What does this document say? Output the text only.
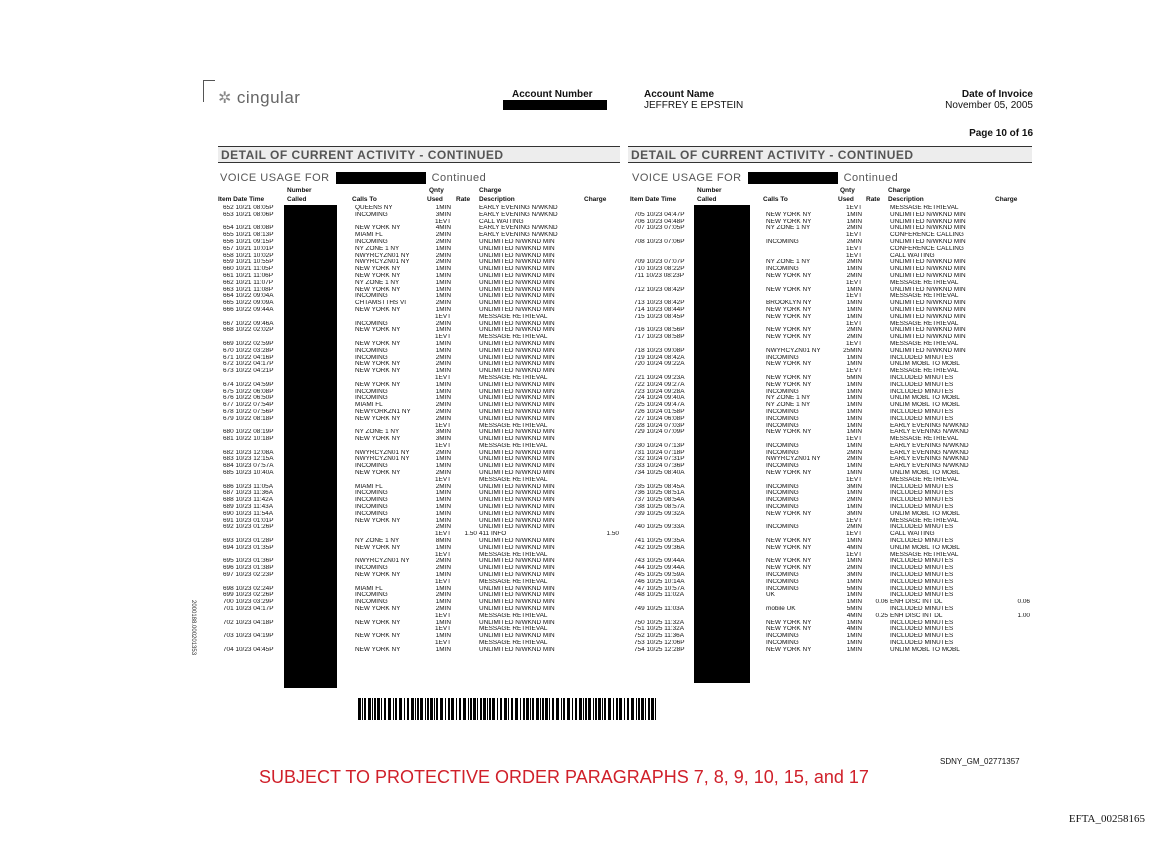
✲ cingular	Account Number	Account Name
JEFFREY E EPSTEIN
Date of Invoice
November 05, 2005
Page 10 of 16
DETAIL OF CURRENT ACTIVITY - CONTINUED
VOICE USAGE FOR	Continued
Number	Qnty	Charge
Item Date Time	Called	Calls To	Used Rate Description	Charge
652 10/21 08:05P		QUEENS NY	1MIN		EARLY EVENING N/WKND	
653 10/21 08:06P		INCOMING	3MIN		EARLY EVENING N/WKND	
			1EVT		CALL WAITING	
654 10/21 08:08P		NEW YORK NY	4MIN		EARLY EVENING N/WKND	
655 10/21 08:13P		MIAMI FL	2MIN		EARLY EVENING N/WKND	
656 10/21 09:15P		INCOMING	2MIN		UNLIMITED N/WKND MIN	
657 10/21 10:01P		NY ZONE 1 NY	1MIN		UNLIMITED N/WKND MIN	
658 10/21 10:02P		NWYRCYZN01 NY	2MIN		UNLIMITED N/WKND MIN	
659 10/21 10:55P		NWYRCYZN01 NY	2MIN		UNLIMITED N/WKND MIN	
660 10/21 11:05P		NEW YORK NY	1MIN		UNLIMITED N/WKND MIN	
661 10/21 11:06P		NEW YORK NY	1MIN		UNLIMITED N/WKND MIN	
662 10/21 11:07P		NY ZONE 1 NY	1MIN		UNLIMITED N/WKND MIN	
663 10/21 11:08P		NEW YORK NY	1MIN		UNLIMITED N/WKND MIN	
664 10/22 09:04A		INCOMING	1MIN		UNLIMITED N/WKND MIN	
665 10/22 09:09A		CHTAMSTTHS VI	2MIN		UNLIMITED N/WKND MIN	
666 10/22 09:44A		NEW YORK NY	1MIN		UNLIMITED N/WKND MIN	
			1EVT		MESSAGE RETRIEVAL	
667 10/22 09:46A		INCOMING	2MIN		UNLIMITED N/WKND MIN	
668 10/22 02:02P		NEW YORK NY	1MIN		UNLIMITED N/WKND MIN	
			1EVT		MESSAGE RETRIEVAL	
669 10/22 02:59P		NEW YORK NY	1MIN		UNLIMITED N/WKND MIN	
670 10/22 03:28P		INCOMING	1MIN		UNLIMITED N/WKND MIN	
671 10/22 04:16P		INCOMING	2MIN		UNLIMITED N/WKND MIN	
672 10/22 04:17P		NEW YORK NY	2MIN		UNLIMITED N/WKND MIN	
673 10/22 04:21P		NEW YORK NY	1MIN		UNLIMITED N/WKND MIN	
			1EVT		MESSAGE RETRIEVAL	
674 10/22 04:59P		NEW YORK NY	1MIN		UNLIMITED N/WKND MIN	
675 10/22 06:08P		INCOMING	1MIN		UNLIMITED N/WKND MIN	
676 10/22 06:50P		INCOMING	1MIN		UNLIMITED N/WKND MIN	
677 10/22 07:54P		MIAMI FL	2MIN		UNLIMITED N/WKND MIN	
678 10/22 07:56P		NEWYORKZN1 NY	2MIN		UNLIMITED N/WKND MIN	
679 10/22 08:18P		NEW YORK NY	2MIN		UNLIMITED N/WKND MIN	
			1EVT		MESSAGE RETRIEVAL	
680 10/22 08:19P		NY ZONE 1 NY	3MIN		UNLIMITED N/WKND MIN	
681 10/22 10:18P		NEW YORK NY	3MIN		UNLIMITED N/WKND MIN	
			1EVT		MESSAGE RETRIEVAL	
682 10/23 12:08A		NWYRCYZN01 NY	2MIN		UNLIMITED N/WKND MIN	
683 10/23 12:15A		NWYRCYZN01 NY	1MIN		UNLIMITED N/WKND MIN	
684 10/23 07:57A		INCOMING	1MIN		UNLIMITED N/WKND MIN	
685 10/23 10:40A		NEW YORK NY	2MIN		UNLIMITED N/WKND MIN	
			1EVT		MESSAGE RETRIEVAL	
686 10/23 11:05A		MIAMI FL	2MIN		UNLIMITED N/WKND MIN	
687 10/23 11:36A		INCOMING	1MIN		UNLIMITED N/WKND MIN	
688 10/23 11:42A		INCOMING	1MIN		UNLIMITED N/WKND MIN	
689 10/23 11:43A		INCOMING	1MIN		UNLIMITED N/WKND MIN	
690 10/23 11:54A		INCOMING	1MIN		UNLIMITED N/WKND MIN	
691 10/23 01:01P		NEW YORK NY	1MIN		UNLIMITED N/WKND MIN	
692 10/23 01:26P			2MIN		UNLIMITED N/WKND MIN	
			1EVT	1.50	411 INFO	1.50
693 10/23 01:28P		NY ZONE 1 NY	8MIN		UNLIMITED N/WKND MIN	
694 10/23 01:35P		NEW YORK NY	1MIN		UNLIMITED N/WKND MIN	
			1EVT		MESSAGE RETRIEVAL	
695 10/23 01:36P		NWYRCYZN01 NY	2MIN		UNLIMITED N/WKND MIN	
696 10/23 01:38P		INCOMING	2MIN		UNLIMITED N/WKND MIN	
697 10/23 02:23P		NEW YORK NY	1MIN		UNLIMITED N/WKND MIN	
			1EVT		MESSAGE RETRIEVAL	
698 10/23 02:24P		MIAMI FL	1MIN		UNLIMITED N/WKND MIN	
699 10/23 02:26P		INCOMING	2MIN		UNLIMITED N/WKND MIN	
700 10/23 03:29P		INCOMING	1MIN		UNLIMITED N/WKND MIN	
701 10/23 04:17P		NEW YORK NY	2MIN		UNLIMITED N/WKND MIN	
			1EVT		MESSAGE RETRIEVAL	
702 10/23 04:18P		NEW YORK NY	1MIN		UNLIMITED N/WKND MIN	
			1EVT		MESSAGE RETRIEVAL	
703 10/23 04:19P		NEW YORK NY	1MIN		UNLIMITED N/WKND MIN	
			1EVT		MESSAGE RETRIEVAL	
704 10/23 04:45P		NEW YORK NY	1MIN		UNLIMITED N/WKND MIN	
DETAIL OF CURRENT ACTIVITY - CONTINUED
VOICE USAGE FOR	Continued
Number	Qnty	Charge
Item Date Time	Called	Calls To	Used Rate Description	Charge
			1EVT		MESSAGE RETRIEVAL	
705 10/23 04:47P		NEW YORK NY	1MIN		UNLIMITED N/WKND MIN	
706 10/23 04:48P		NEW YORK NY	1MIN		UNLIMITED N/WKND MIN	
707 10/23 07:05P		NY ZONE 1 NY	2MIN		UNLIMITED N/WKND MIN	
			1EVT		CONFERENCE CALLING	
708 10/23 07:06P		INCOMING	2MIN		UNLIMITED N/WKND MIN	
			1EVT		CONFERENCE CALLING	
			1EVT		CALL WAITING	
709 10/23 07:07P		NY ZONE 1 NY	2MIN		UNLIMITED N/WKND MIN	
710 10/23 08:22P		INCOMING	1MIN		UNLIMITED N/WKND MIN	
711 10/23 08:23P		NEW YORK NY	2MIN		UNLIMITED N/WKND MIN	
			1EVT		MESSAGE RETRIEVAL	
712 10/23 08:42P		NEW YORK NY	1MIN		UNLIMITED N/WKND MIN	
			1EVT		MESSAGE RETRIEVAL	
713 10/23 08:42P		BROOKLYN NY	1MIN		UNLIMITED N/WKND MIN	
714 10/23 08:44P		NEW YORK NY	1MIN		UNLIMITED N/WKND MIN	
715 10/23 08:45P		NEW YORK NY	1MIN		UNLIMITED N/WKND MIN	
			1EVT		MESSAGE RETRIEVAL	
716 10/23 08:56P		NEW YORK NY	2MIN		UNLIMITED N/WKND MIN	
717 10/23 08:58P		NEW YORK NY	2MIN		UNLIMITED N/WKND MIN	
			1EVT		MESSAGE RETRIEVAL	
718 10/23 09:08P		NWYRCYZN01 NY	25MIN		UNLIMITED N/WKND MIN	
719 10/24 08:42A		INCOMING	1MIN		INCLUDED MINUTES	
720 10/24 09:22A		NEW YORK NY	1MIN		UNLIM MOBL TO MOBL	
			1EVT		MESSAGE RETRIEVAL	
721 10/24 09:23A		NEW YORK NY	5MIN		INCLUDED MINUTES	
722 10/24 09:27A		NEW YORK NY	1MIN		INCLUDED MINUTES	
723 10/24 09:28A		INCOMING	1MIN		INCLUDED MINUTES	
724 10/24 09:40A		NY ZONE 1 NY	1MIN		UNLIM MOBL TO MOBL	
725 10/24 09:47A		NY ZONE 1 NY	1MIN		UNLIM MOBL TO MOBL	
726 10/24 01:58P		INCOMING	1MIN		INCLUDED MINUTES	
727 10/24 06:08P		INCOMING	1MIN		INCLUDED MINUTES	
728 10/24 07:03P		INCOMING	1MIN		EARLY EVENING N/WKND	
729 10/24 07:09P		NEW YORK NY	1MIN		EARLY EVENING N/WKND	
			1EVT		MESSAGE RETRIEVAL	
730 10/24 07:13P		INCOMING	1MIN		EARLY EVENING N/WKND	
731 10/24 07:18P		INCOMING	2MIN		EARLY EVENING N/WKND	
732 10/24 07:31P		NWYRCYZN01 NY	2MIN		EARLY EVENING N/WKND	
733 10/24 07:36P		INCOMING	1MIN		EARLY EVENING N/WKND	
734 10/25 08:40A		NEW YORK NY	1MIN		UNLIM MOBL TO MOBL	
			1EVT		MESSAGE RETRIEVAL	
735 10/25 08:45A		INCOMING	3MIN		INCLUDED MINUTES	
736 10/25 08:51A		INCOMING	1MIN		INCLUDED MINUTES	
737 10/25 08:54A		INCOMING	2MIN		INCLUDED MINUTES	
738 10/25 08:57A		INCOMING	1MIN		INCLUDED MINUTES	
739 10/25 09:32A		NEW YORK NY	3MIN		UNLIM MOBL TO MOBL	
			1EVT		MESSAGE RETRIEVAL	
740 10/25 09:33A		INCOMING	2MIN		INCLUDED MINUTES	
			1EVT		CALL WAITING	
741 10/25 09:35A		NEW YORK NY	1MIN		INCLUDED MINUTES	
742 10/25 09:36A		NEW YORK NY	4MIN		UNLIM MOBL TO MOBL	
			1EVT		MESSAGE RETRIEVAL	
743 10/25 09:44A		NEW YORK NY	1MIN		INCLUDED MINUTES	
744 10/25 09:44A		NEW YORK NY	2MIN		INCLUDED MINUTES	
745 10/25 09:59A		INCOMING	3MIN		INCLUDED MINUTES	
746 10/25 10:14A		INCOMING	1MIN		INCLUDED MINUTES	
747 10/25 10:57A		INCOMING	5MIN		INCLUDED MINUTES	
748 10/25 11:02A		UK	1MIN		INCLUDED MINUTES	
			1MIN	0.06	ENH DISC INT DL	0.06
749 10/25 11:03A		mobile UK	5MIN		INCLUDED MINUTES	
			4MIN	0.25	ENH DISC INT DL	1.00
750 10/25 11:32A		NEW YORK NY	1MIN		INCLUDED MINUTES	
751 10/25 11:32A		NEW YORK NY	4MIN		INCLUDED MINUTES	
752 10/25 11:36A		INCOMING	1MIN		INCLUDED MINUTES	
753 10/25 12:06P		INCOMING	1MIN		INCLUDED MINUTES	
754 10/25 12:28P		NEW YORK NY	1MIN		UNLIM MOBL TO MOBL	
2000188.000201353
SDNY_GM_02771357
SUBJECT TO PROTECTIVE ORDER PARAGRAPHS 7, 8, 9, 10, 15, and 17
EFTA_00258165
